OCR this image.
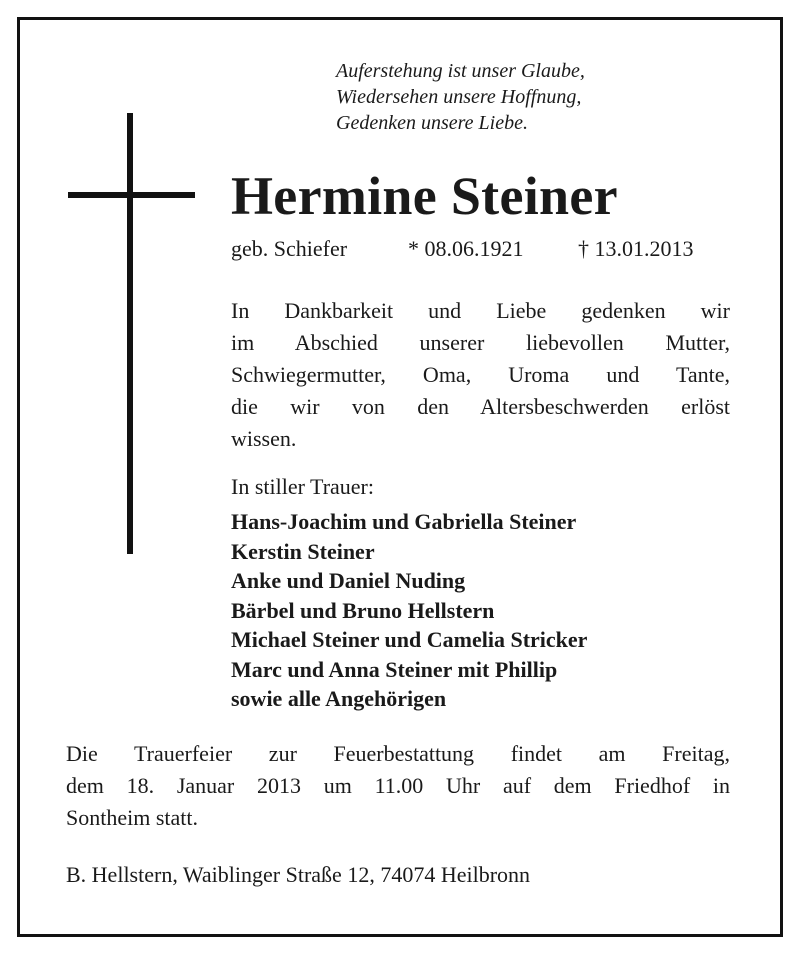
Auferstehung ist unser Glaube,
Wiedersehen unsere Hoffnung,
Gedenken unsere Liebe.
Hermine Steiner
geb. Schiefer	* 08.06.1921 † 13.01.2013
In Dankbarkeit und Liebe gedenken wir
im Abschied unserer liebevollen Mutter,
Schwiegermutter, Oma, Uroma und Tante,
die wir von den Altersbeschwerden erlöst
wissen.
In stiller Trauer:
Hans-Joachim und Gabriella Steiner
Kerstin Steiner
Anke und Daniel Nuding
Bärbel und Bruno Hellstern
Michael Steiner und Camelia Stricker
Marc und Anna Steiner mit Phillip
sowie alle Angehörigen
Die Trauerfeier zur Feuerbestattung findet am Freitag,
dem 18. Januar 2013 um 11.00 Uhr auf dem Friedhof in
Sontheim statt.
B. Hellstern, Waiblinger Straße 12, 74074 Heilbronn
